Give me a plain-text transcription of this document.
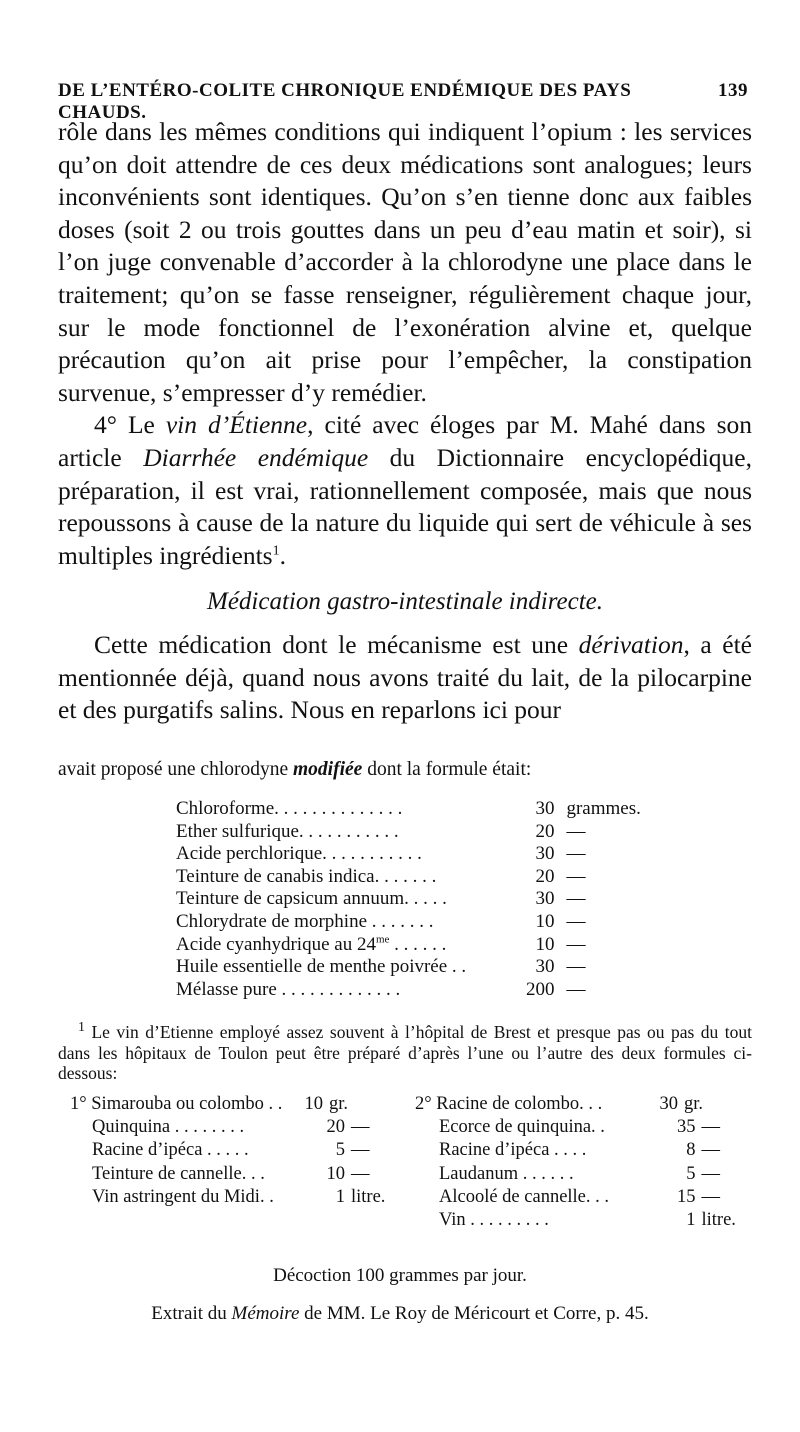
DE L’ENTÉRO-COLITE CHRONIQUE ENDÉMIQUE DES PAYS CHAUDS.
139

rôle dans les mêmes conditions qui indiquent l’opium : les services qu’on doit attendre de ces deux médications sont analogues; leurs inconvénients sont identiques. Qu’on s’en tienne donc aux faibles doses (soit 2 ou trois gouttes dans un peu d’eau matin et soir), si l’on juge convenable d’accorder à la chlorodyne une place dans le traitement; qu’on se fasse renseigner, régulièrement chaque jour, sur le mode fonctionnel de l’exonération alvine et, quelque précaution qu’on ait prise pour l’empêcher, la constipation survenue, s’empresser d’y remédier.

4° Le vin d’Étienne, cité avec éloges par M. Mahé dans son article Diarrhée endémique du Dictionnaire encyclopédique, préparation, il est vrai, rationnellement composée, mais que nous repoussons à cause de la nature du liquide qui sert de véhicule à ses multiples ingrédients$^1$.

Médication gastro-intestinale indirecte.

Cette médication dont le mécanisme est une dérivation, a été mentionnée déjà, quand nous avons traité du lait, de la pilocarpine et des purgatifs salins. Nous en reparlons ici pour

avait proposé une chlorodyne modifiée dont la formule était:

Chloroforme. . . . . . . . . . . . . .	30 grammes.
Ether sulfurique. . . . . . . . . . .	20 —
Acide perchlorique. . . . . . . . . . .	30 —
Teinture de canabis indica. . . . . . .	20 —
Teinture de capsicum annuum. . . . .	30 —
Chlorydrate de morphine . . . . . . .	10 —
Acide cyanhydrique au $24^{me}$ . . . . . .	10 —
Huile essentielle de menthe poivrée . .	30 —
Mélasse pure . . . . . . . . . . . . .	200 —

$^1$ Le vin d’Etienne employé assez souvent à l’hôpital de Brest et presque pas ou pas du tout dans les hôpitaux de Toulon peut être préparé d’après l’une ou l’autre des deux formules ci-dessous:

1° Simarouba ou colombo . .	10 gr.
Quinquina . . . . . . . .	20 —
Racine d’ipéca . . . . .	5 —
Teinture de cannelle. . .	10 —
Vin astringent du Midi. .	1 litre.
2° Racine de colombo. . .	30 gr.
Ecorce de quinquina. .	35 —
Racine d’ipéca . . . .	8 —
Laudanum . . . . . .	5 —
Alcoolé de cannelle. . .	15 —
Vin . . . . . . . . .	1 litre.
Décoction 100 grammes par jour.
Extrait du Mémoire de MM. Le Roy de Méricourt et Corre, p. 45.
